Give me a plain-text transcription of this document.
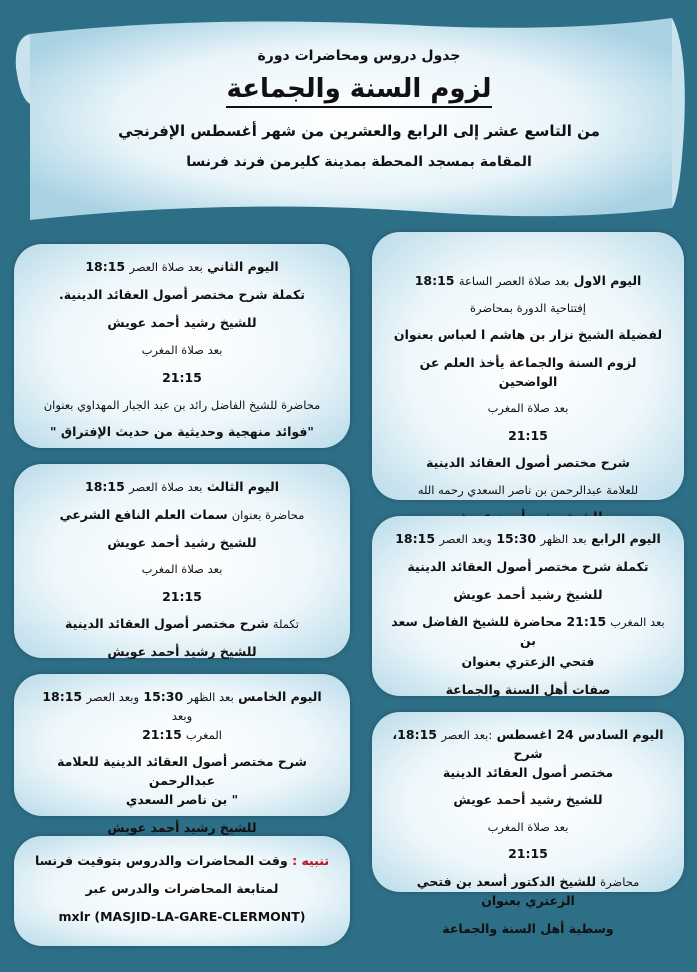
جدول دروس ومحاضرات دورة
لزوم السنة والجماعة
من التاسع عشر إلى الرابع والعشرين من شهر أغسطس الإفرنجي
المقامة بمسجد المحطة بمدينة كليرمن فرند فرنسا
اليوم الثاني بعد صلاة العصر 18:15
تكملة شرح مختصر أصول العقائد الدينية.
للشيخ رشيد أحمد عويش
بعد صلاة المغرب
21:15
محاضرة للشيخ الفاضل رائد بن عبد الجبار المهداوي بعنوان
"فوائد منهجية وحديثية من حديث الإفتراق "
اليوم الاول بعد صلاة العصر الساعة 18:15
إفتتاحية الدورة بمحاضرة
لفضيلة الشيخ نزار بن هاشم ا لعباس بعنوان
لزوم السنة والجماعة يأخذ العلم عن الواضحين
بعد صلاة المغرب
21:15
شرح مختصر أصول العقائد الدينية
للعلامة عبدالرحمن بن ناصر السعدي رحمه الله
اليوم الثالث بعد صلاة العصر 18:15
محاضرة بعنوان سمات العلم النافع الشرعي
للشيخ رشيد أحمد عويش
بعد صلاة المغرب
21:15
تكملة شرح مختصر أصول العقائد الدينية
للشيخ رشيد أحمد عويش
اليوم الرابع بعد الظهر 15:30 وبعد العصر 18:15
تكملة شرح مختصر أصول العقائد الدينية
للشيخ رشيد أحمد عويش
بعد المغرب 21:15 محاضرة للشيخ الفاضل سعد بن
فتحي الزعتري بعنوان
صفات أهل السنة والجماعة
اليوم الخامس بعد الظهر 15:30 وبعد العصر 18:15 وبعد
المغرب 21:15
شرح مختصر أصول العقائد الدينية للعلامة عبدالرحمن
" بن ناصر السعدي
للشيخ رشيد أحمد عويش
اليوم السادس 24 اغسطس :بعد العصر 18:15، شرح
مختصر أصول العقائد الدينية
للشيخ رشيد أحمد عويش
بعد صلاة المغرب
21:15
محاضرة للشيخ الدكتور أسعد بن فتحي الزعتري بعنوان
وسطية أهل السنة والجماعة
تنبيه : وقت المحاضرات والدروس بتوقيت فرنسا
لمتابعة المحاضرات والدرس عبر
mxlr (MASJID-LA-GARE-CLERMONT)
